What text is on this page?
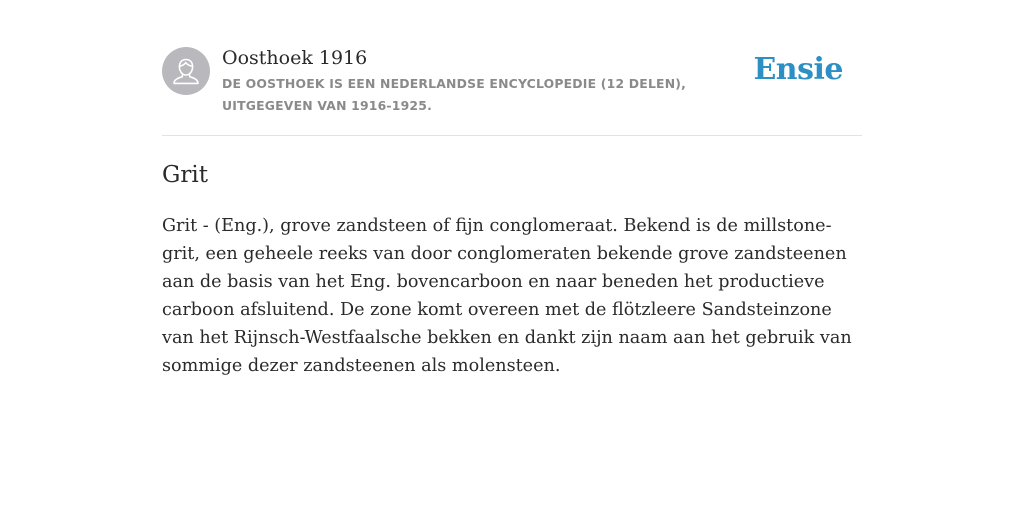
Oosthoek 1916
DE OOSTHOEK IS EEN NEDERLANDSE ENCYCLOPEDIE (12 DELEN), UITGEGEVEN VAN 1916-1925.
Ensie
Grit

Grit - (Eng.), grove zandsteen of fijn conglomeraat. Bekend is de millstone-grit, een geheele reeks van door conglomeraten bekende grove zandsteenen aan de basis van het Eng. bovencarboon en naar beneden het productieve carboon afsluitend. De zone komt overeen met de flötzleere Sandsteinzone van het Rijnsch-Westfaalsche bekken en dankt zijn naam aan het gebruik van sommige dezer zandsteenen als molensteen.
